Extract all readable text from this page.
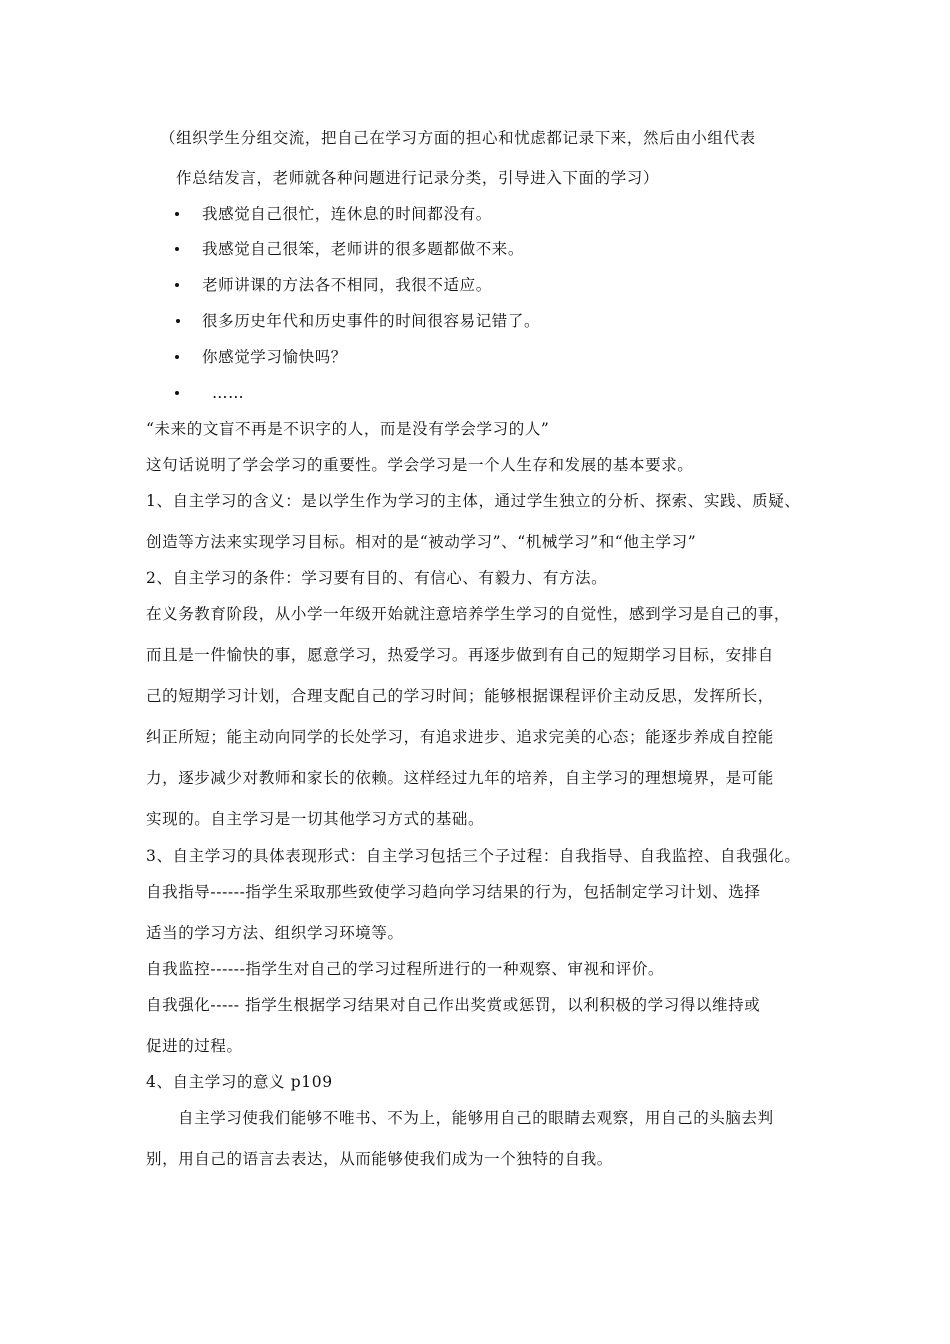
（组织学生分组交流，把自己在学习方面的担心和忧虑都记录下来，然后由小组代表
作总结发言，老师就各种问题进行记录分类，引导进入下面的学习）
我感觉自己很忙，连休息的时间都没有。
我感觉自己很笨，老师讲的很多题都做不来。
老师讲课的方法各不相同，我很不适应。
很多历史年代和历史事件的时间很容易记错了。
你感觉学习愉快吗？
……
“未来的文盲不再是不识字的人，而是没有学会学习的人”
这句话说明了学会学习的重要性。学会学习是一个人生存和发展的基本要求。
1、自主学习的含义：是以学生作为学习的主体，通过学生独立的分析、探索、实践、质疑、
创造等方法来实现学习目标。相对的是“被动学习”、“机械学习”和“他主学习”
2、自主学习的条件：学习要有目的、有信心、有毅力、有方法。
在义务教育阶段，从小学一年级开始就注意培养学生学习的自觉性，感到学习是自己的事，
而且是一件愉快的事，愿意学习，热爱学习。再逐步做到有自己的短期学习目标，安排自
己的短期学习计划，合理支配自己的学习时间；能够根据课程评价主动反思，发挥所长，
纠正所短；能主动向同学的长处学习，有追求进步、追求完美的心态；能逐步养成自控能
力，逐步减少对教师和家长的依赖。这样经过九年的培养，自主学习的理想境界，是可能
实现的。自主学习是一切其他学习方式的基础。
3、自主学习的具体表现形式：自主学习包括三个子过程：自我指导、自我监控、自我强化。
自我指导------指学生采取那些致使学习趋向学习结果的行为，包括制定学习计划、选择
适当的学习方法、组织学习环境等。
自我监控------指学生对自己的学习过程所进行的一种观察、审视和评价。
自我强化----- 指学生根据学习结果对自己作出奖赏或惩罚，以利积极的学习得以维持或
促进的过程。
4、自主学习的意义 p109
自主学习使我们能够不唯书、不为上，能够用自己的眼睛去观察，用自己的头脑去判
别，用自己的语言去表达，从而能够使我们成为一个独特的自我。
